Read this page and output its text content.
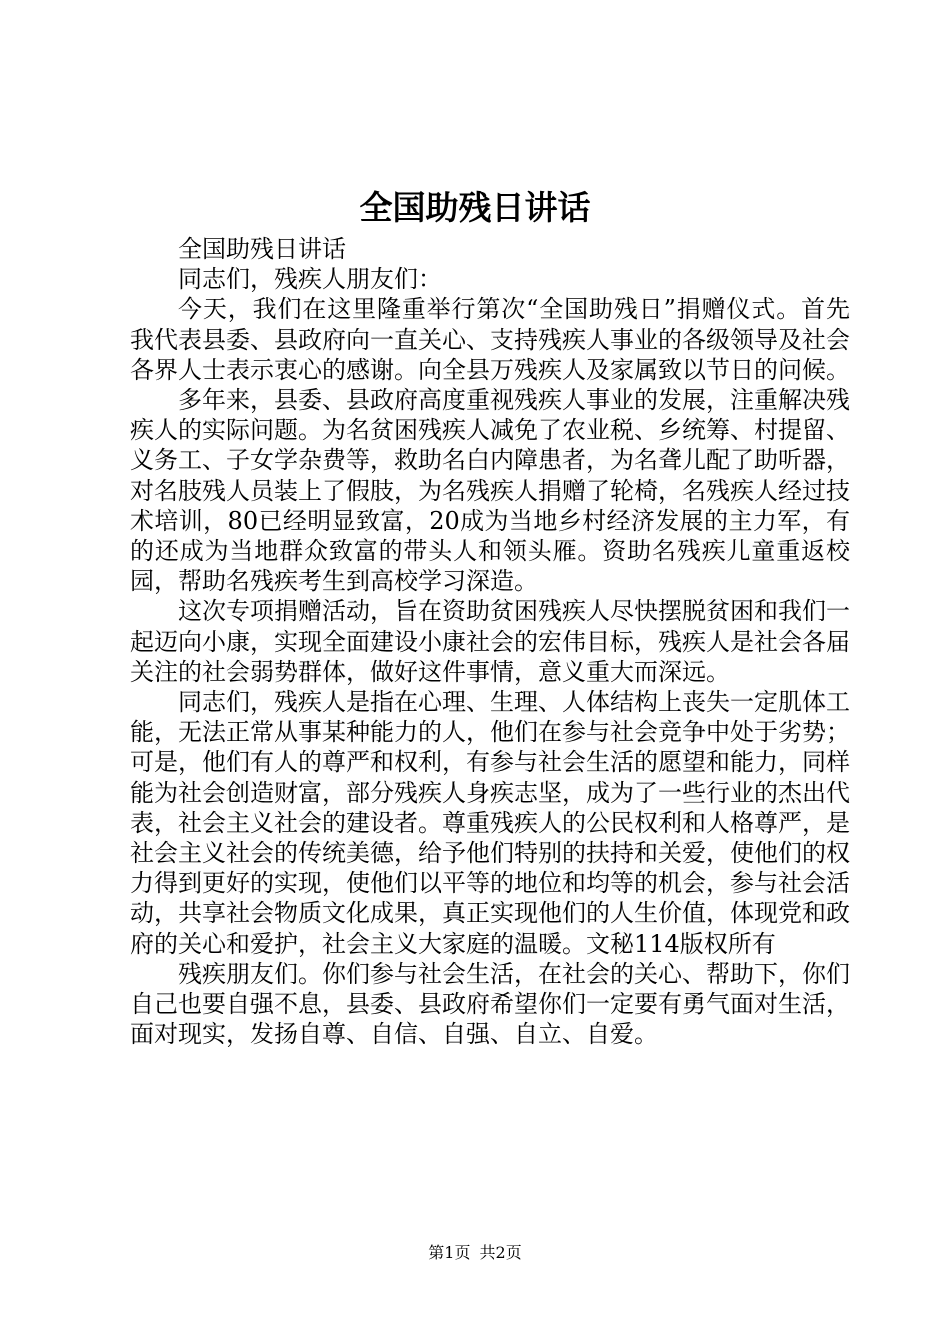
全国助残日讲话

全国助残日讲话

同志们，残疾人朋友们：

今天，我们在这里隆重举行第次“全国助残日”捐赠仪式。首先我代表县委、县政府向一直关心、支持残疾人事业的各级领导及社会各界人士表示衷心的感谢。向全县万残疾人及家属致以节日的问候。

多年来，县委、县政府高度重视残疾人事业的发展，注重解决残疾人的实际问题。为名贫困残疾人减免了农业税、乡统筹、村提留、义务工、子女学杂费等，救助名白内障患者，为名聋儿配了助听器，对名肢残人员装上了假肢，为名残疾人捐赠了轮椅，名残疾人经过技术培训，80已经明显致富，20成为当地乡村经济发展的主力军，有的还成为当地群众致富的带头人和领头雁。资助名残疾儿童重返校园，帮助名残疾考生到高校学习深造。

这次专项捐赠活动，旨在资助贫困残疾人尽快摆脱贫困和我们一起迈向小康，实现全面建设小康社会的宏伟目标，残疾人是社会各届关注的社会弱势群体，做好这件事情，意义重大而深远。

同志们，残疾人是指在心理、生理、人体结构上丧失一定肌体工能，无法正常从事某种能力的人，他们在参与社会竞争中处于劣势；可是，他们有人的尊严和权利，有参与社会生活的愿望和能力，同样能为社会创造财富，部分残疾人身疾志坚，成为了一些行业的杰出代表，社会主义社会的建设者。尊重残疾人的公民权利和人格尊严，是社会主义社会的传统美德，给予他们特别的扶持和关爱，使他们的权力得到更好的实现，使他们以平等的地位和均等的机会，参与社会活动，共享社会物质文化成果，真正实现他们的人生价值，体现党和政府的关心和爱护，社会主义大家庭的温暖。文秘114版权所有

残疾朋友们。你们参与社会生活，在社会的关心、帮助下，你们自己也要自强不息，县委、县政府希望你们一定要有勇气面对生活，面对现实，发扬自尊、自信、自强、自立、自爱。

第1页 共2页
